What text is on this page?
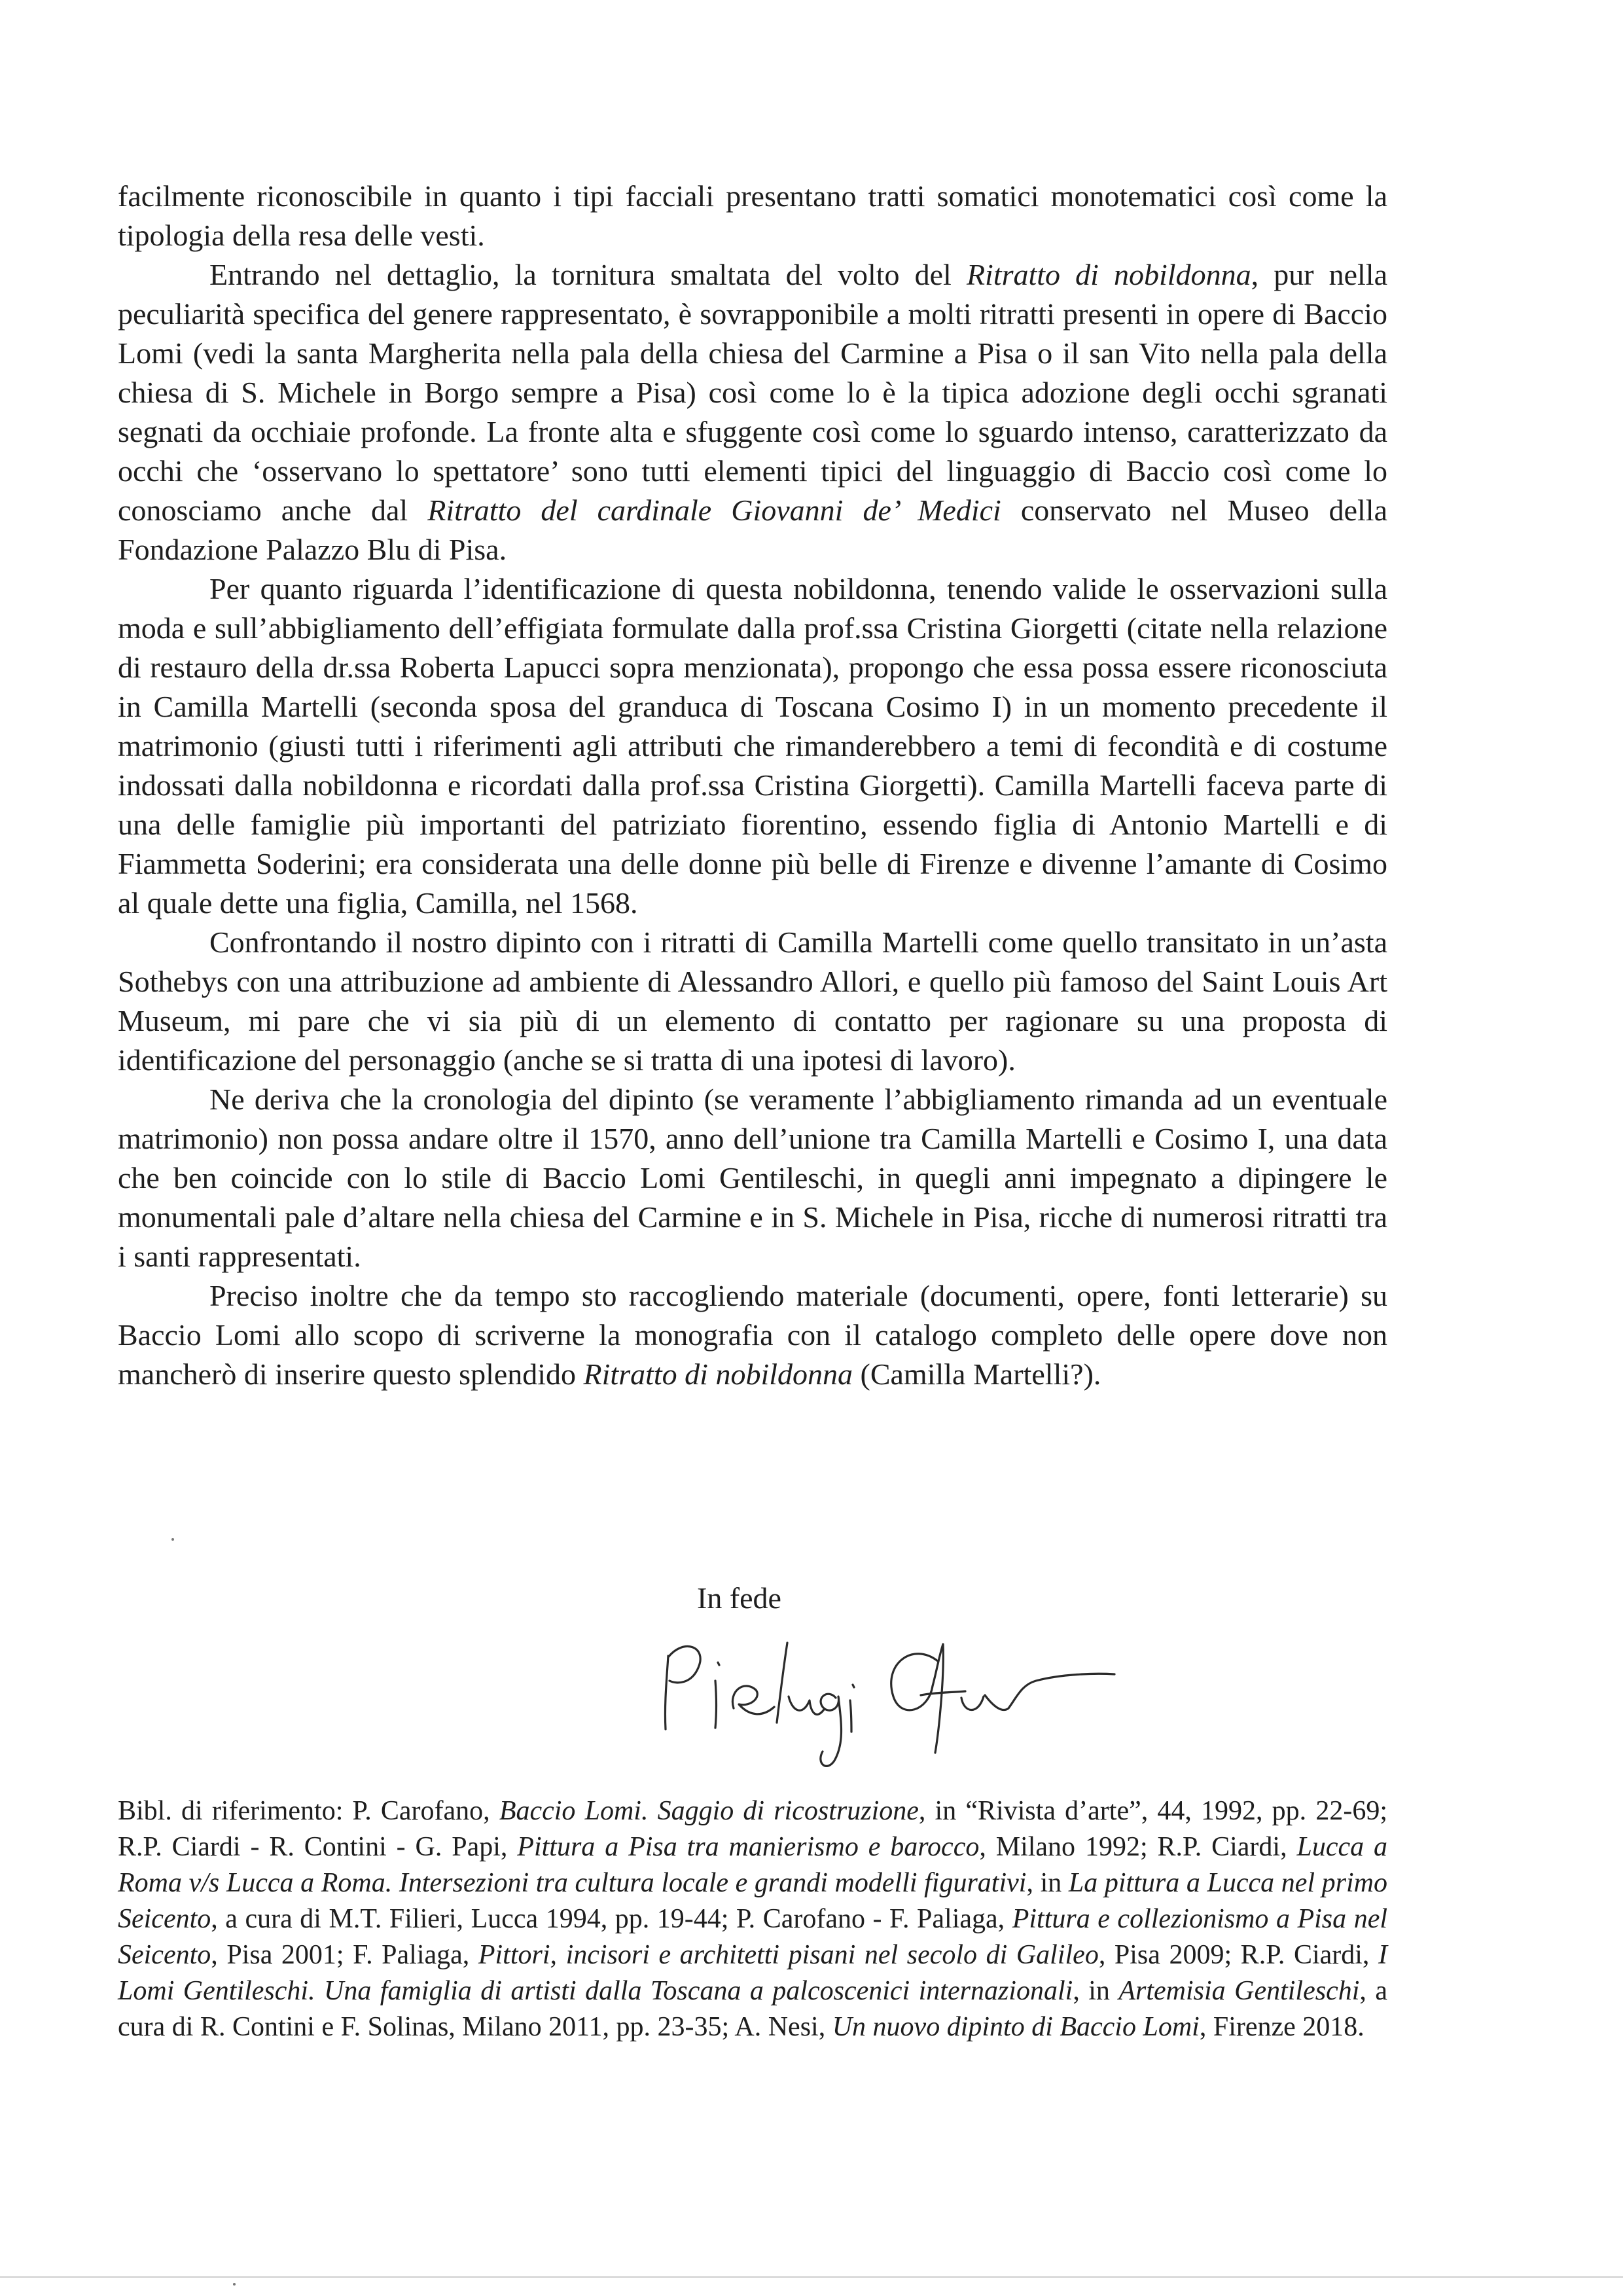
facilmente riconoscibile in quanto i tipi facciali presentano tratti somatici monotematici così come la tipologia della resa delle vesti.

Entrando nel dettaglio, la tornitura smaltata del volto del Ritratto di nobildonna, pur nella peculiarità specifica del genere rappresentato, è sovrapponibile a molti ritratti presenti in opere di Baccio Lomi (vedi la santa Margherita nella pala della chiesa del Carmine a Pisa o il san Vito nella pala della chiesa di S. Michele in Borgo sempre a Pisa) così come lo è la tipica adozione degli occhi sgranati segnati da occhiaie profonde. La fronte alta e sfuggente così come lo sguardo intenso, caratterizzato da occhi che ‘osservano lo spettatore’ sono tutti elementi tipici del linguaggio di Baccio così come lo conosciamo anche dal Ritratto del cardinale Giovanni de’ Medici conservato nel Museo della Fondazione Palazzo Blu di Pisa.

Per quanto riguarda l’identificazione di questa nobildonna, tenendo valide le osservazioni sulla moda e sull’abbigliamento dell’effigiata formulate dalla prof.ssa Cristina Giorgetti (citate nella relazione di restauro della dr.ssa Roberta Lapucci sopra menzionata), propongo che essa possa essere riconosciuta in Camilla Martelli (seconda sposa del granduca di Toscana Cosimo I) in un momento precedente il matrimonio (giusti tutti i riferimenti agli attributi che rimanderebbero a temi di fecondità e di costume indossati dalla nobildonna e ricordati dalla prof.ssa Cristina Giorgetti). Camilla Martelli faceva parte di una delle famiglie più importanti del patriziato fiorentino, essendo figlia di Antonio Martelli e di Fiammetta Soderini; era considerata una delle donne più belle di Firenze e divenne l’amante di Cosimo al quale dette una figlia, Camilla, nel 1568.

Confrontando il nostro dipinto con i ritratti di Camilla Martelli come quello transitato in un’asta Sothebys con una attribuzione ad ambiente di Alessandro Allori, e quello più famoso del Saint Louis Art Museum, mi pare che vi sia più di un elemento di contatto per ragionare su una proposta di identificazione del personaggio (anche se si tratta di una ipotesi di lavoro).

Ne deriva che la cronologia del dipinto (se veramente l’abbigliamento rimanda ad un eventuale matrimonio) non possa andare oltre il 1570, anno dell’unione tra Camilla Martelli e Cosimo I, una data che ben coincide con lo stile di Baccio Lomi Gentileschi, in quegli anni impegnato a dipingere le monumentali pale d’altare nella chiesa del Carmine e in S. Michele in Pisa, ricche di numerosi ritratti tra i santi rappresentati.

Preciso inoltre che da tempo sto raccogliendo materiale (documenti, opere, fonti letterarie) su Baccio Lomi allo scopo di scriverne la monografia con il catalogo completo delle opere dove non mancherò di inserire questo splendido Ritratto di nobildonna (Camilla Martelli?).

In fede

Bibl. di riferimento: P. Carofano, Baccio Lomi. Saggio di ricostruzione, in “Rivista d’arte”, 44, 1992, pp. 22-69; R.P. Ciardi - R. Contini - G. Papi, Pittura a Pisa tra manierismo e barocco, Milano 1992; R.P. Ciardi, Lucca a Roma v/s Lucca a Roma. Intersezioni tra cultura locale e grandi modelli figurativi, in La pittura a Lucca nel primo Seicento, a cura di M.T. Filieri, Lucca 1994, pp. 19-44; P. Carofano - F. Paliaga, Pittura e collezionismo a Pisa nel Seicento, Pisa 2001; F. Paliaga, Pittori, incisori e architetti pisani nel secolo di Galileo, Pisa 2009; R.P. Ciardi, I Lomi Gentileschi. Una famiglia di artisti dalla Toscana a palcoscenici internazionali, in Artemisia Gentileschi, a cura di R. Contini e F. Solinas, Milano 2011, pp. 23-35; A. Nesi, Un nuovo dipinto di Baccio Lomi, Firenze 2018.
